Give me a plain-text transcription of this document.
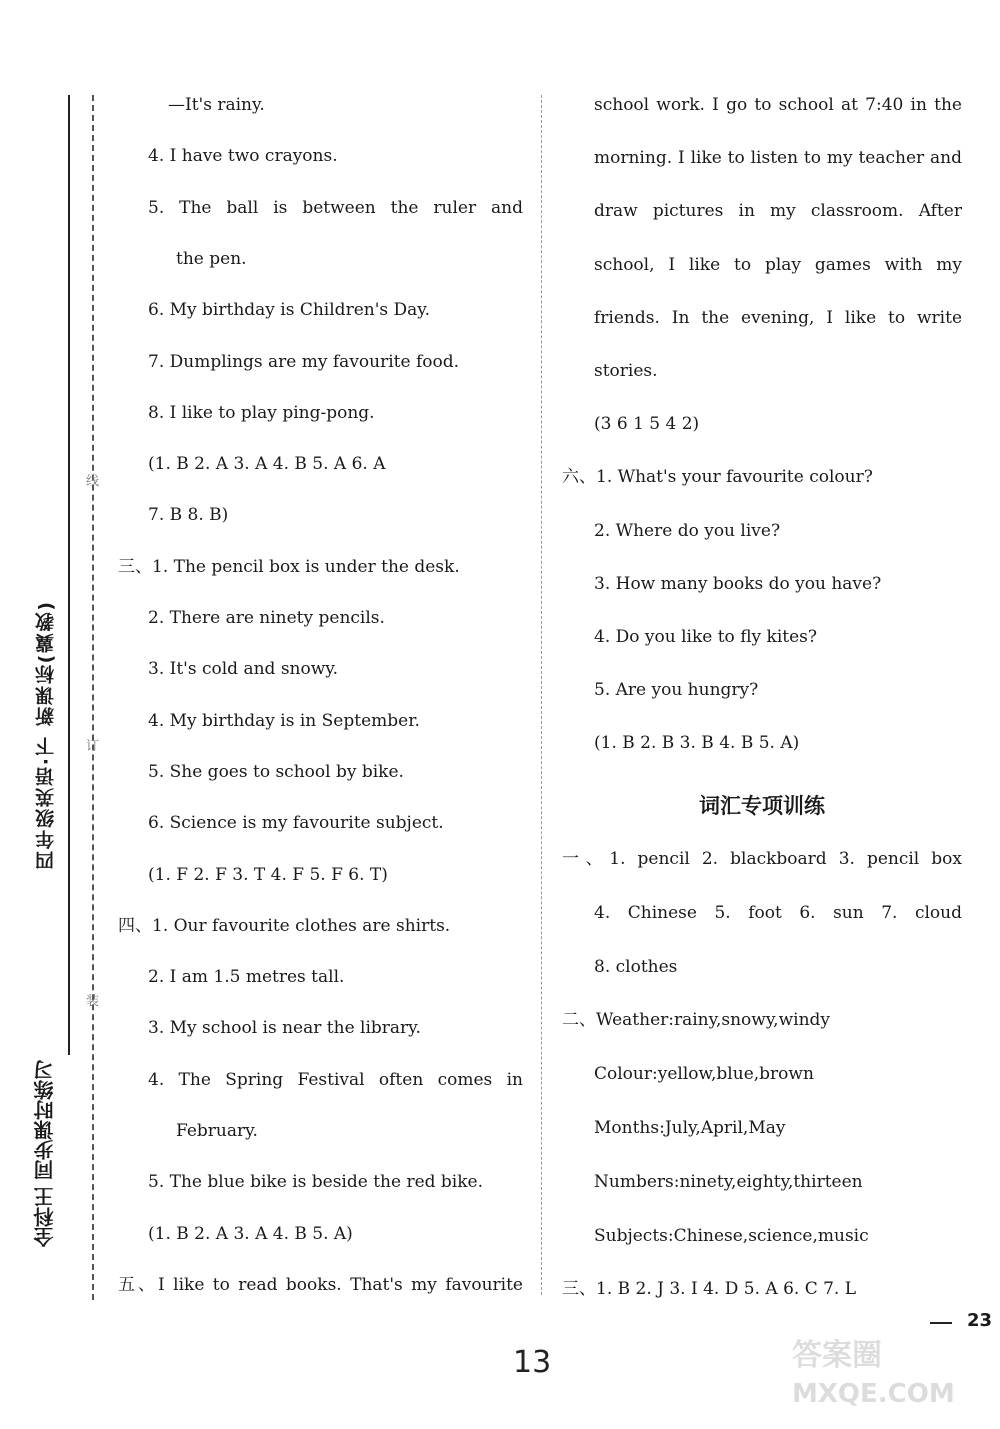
四年级英语·下 新课标(冀教)
线
订
装
全科王 同步课时练习
—It's rainy.
4. I have two crayons.
5. The ball is between the ruler and
the pen.
6. My birthday is Children's Day.
7. Dumplings are my favourite food.
8. I like to play ping-pong.
(1. B 2. A 3. A 4. B 5. A 6. A
7. B 8. B)
三、1. The pencil box is under the desk.
2. There are ninety pencils.
3. It's cold and snowy.
4. My birthday is in September.
5. She goes to school by bike.
6. Science is my favourite subject.
(1. F 2. F 3. T 4. F 5. F 6. T)
四、1. Our favourite clothes are shirts.
2. I am 1.5 metres tall.
3. My school is near the library.
4. The Spring Festival often comes in
February.
5. The blue bike is beside the red bike.
(1. B 2. A 3. A 4. B 5. A)
五、I like to read books. That's my favourite
school work. I go to school at 7:40 in the
morning. I like to listen to my teacher and
draw pictures in my classroom. After
school, I like to play games with my
friends. In the evening, I like to write
stories.
(3 6 1 5 4 2)
六、1. What's your favourite colour?
2. Where do you live?
3. How many books do you have?
4. Do you like to fly kites?
5. Are you hungry?
(1. B 2. B 3. B 4. B 5. A)
词汇专项训练
一、1. pencil 2. blackboard 3. pencil box
4. Chinese 5. foot 6. sun 7. cloud
8. clothes
二、Weather:rainy,snowy,windy
Colour:yellow,blue,brown
Months:July,April,May
Numbers:ninety,eighty,thirteen
Subjects:Chinese,science,music
三、1. B 2. J 3. I 4. D 5. A 6. C 7. L
23
13	答案圈
MXQE.COM
